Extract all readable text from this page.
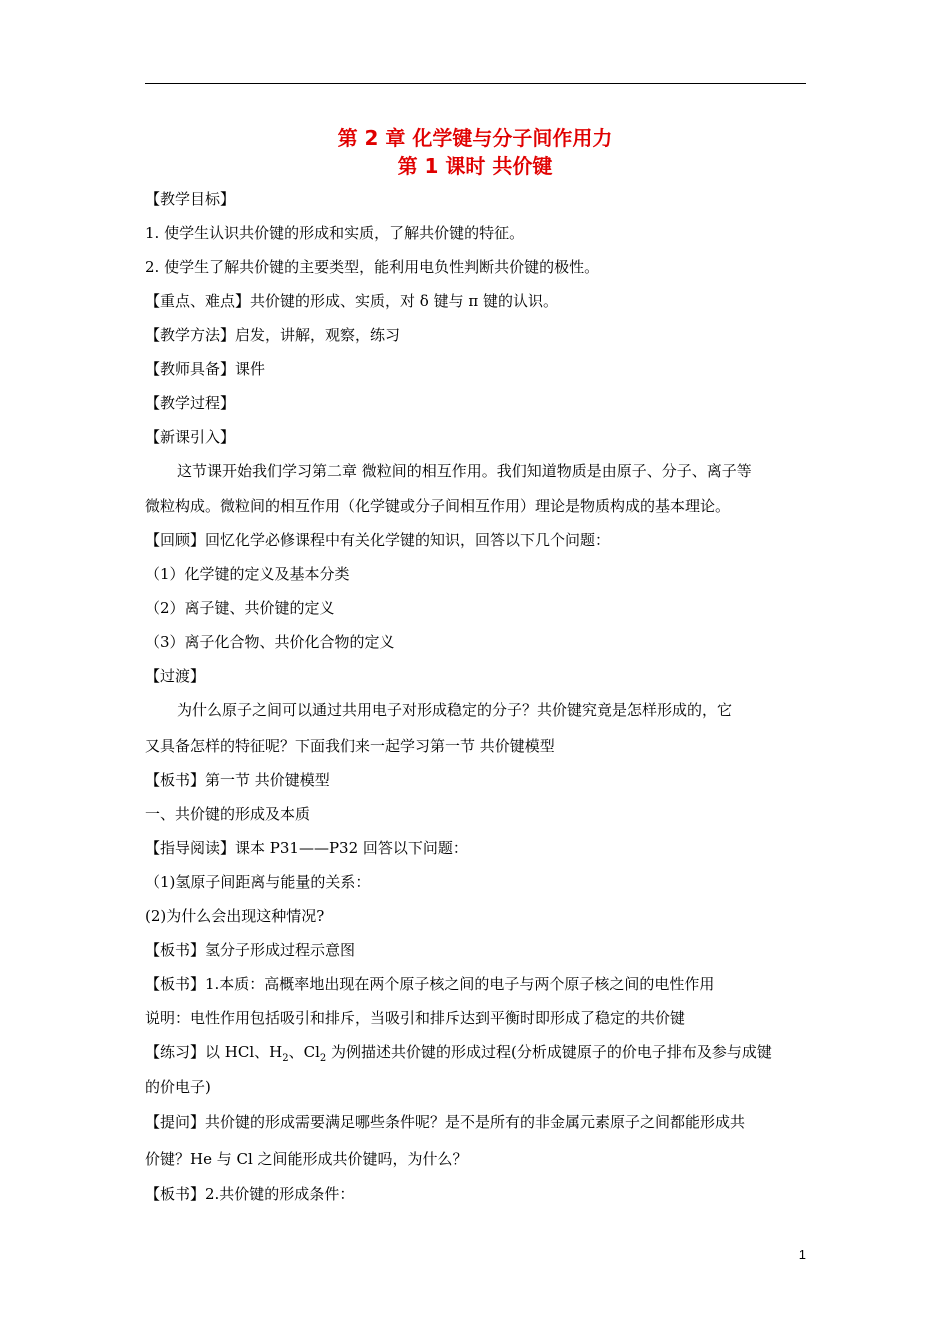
第 2 章 化学键与分子间作用力
第 1 课时 共价键
【教学目标】
1. 使学生认识共价键的形成和实质，了解共价键的特征。
2. 使学生了解共价键的主要类型，能利用电负性判断共价键的极性。
【重点、难点】共价键的形成、实质，对 δ 键与 π 键的认识。
【教学方法】启发，讲解，观察，练习
【教师具备】课件
【教学过程】
【新课引入】
这节课开始我们学习第二章 微粒间的相互作用。我们知道物质是由原子、分子、离子等
微粒构成。微粒间的相互作用（化学键或分子间相互作用）理论是物质构成的基本理论。
【回顾】回忆化学必修课程中有关化学键的知识，回答以下几个问题：
（1）化学键的定义及基本分类
（2）离子键、共价键的定义
（3）离子化合物、共价化合物的定义
【过渡】
为什么原子之间可以通过共用电子对形成稳定的分子？共价键究竟是怎样形成的，它
又具备怎样的特征呢？下面我们来一起学习第一节 共价键模型
【板书】第一节 共价键模型
一、共价键的形成及本质
【指导阅读】课本 P31——P32 回答以下问题：
（1)氢原子间距离与能量的关系：
(2)为什么会出现这种情况?
【板书】氢分子形成过程示意图
【板书】1.本质：高概率地出现在两个原子核之间的电子与两个原子核之间的电性作用
说明：电性作用包括吸引和排斥，当吸引和排斥达到平衡时即形成了稳定的共价键
【练习】以 HCl、$H_2$、$Cl_2$ 为例描述共价键的形成过程(分析成键原子的价电子排布及参与成键
的价电子)
【提问】共价键的形成需要满足哪些条件呢？是不是所有的非金属元素原子之间都能形成共
价键？He 与 Cl 之间能形成共价键吗，为什么？
【板书】2.共价键的形成条件：
1
